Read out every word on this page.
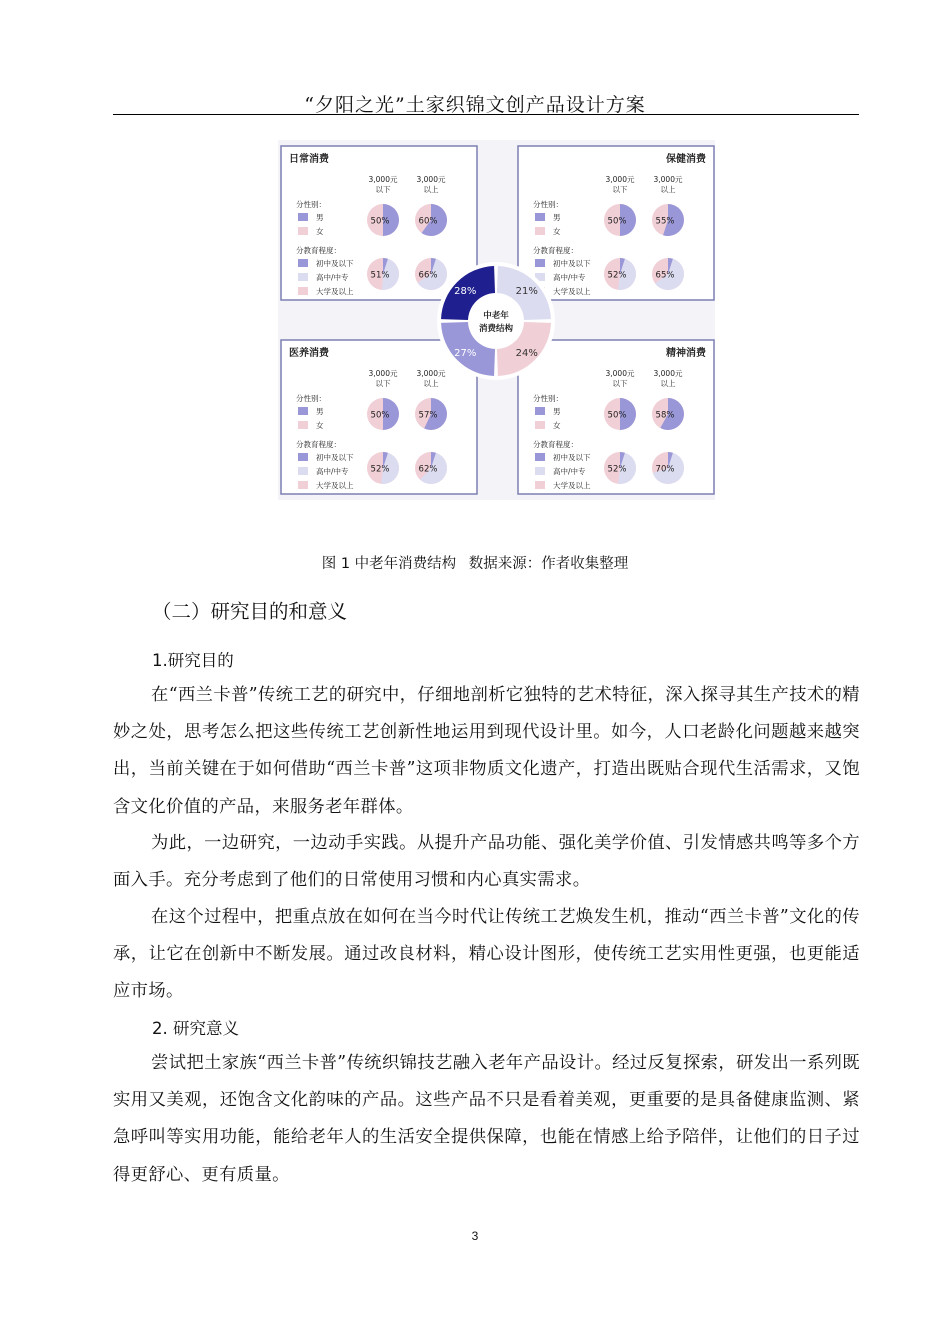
“夕阳之光”土家织锦文创产品设计方案
日常消费
3,000元
以下
3,000元
以上
分性别：
男
女
分教育程度：
初中及以下
高中/中专
大学及以上
50%	60%
51%	66%
保健消费
3,000元
以下
3,000元
以上
分性别：
男
女
分教育程度：
初中及以下
高中/中专
大学及以上
50%	55%
52%	65%
医养消费
3,000元
以下
3,000元
以上
分性别：
男
女
分教育程度：
初中及以下
高中/中专
大学及以上
50%	57%
52%	62%
精神消费
3,000元
以下
3,000元
以上
分性别：
男
女
分教育程度：
初中及以下
高中/中专
大学及以上
50%	58%
52%	70%
28%	21%
24%
27%
中老年
消费结构
图 1 中老年消费结构 数据来源：作者收集整理
（二）研究目的和意义
1.研究目的

在“西兰卡普”传统工艺的研究中，仔细地剖析它独特的艺术特征，深入探寻其生产技术的精妙之处，思考怎么把这些传统工艺创新性地运用到现代设计里。如今，人口老龄化问题越来越突出，当前关键在于如何借助“西兰卡普”这项非物质文化遗产，打造出既贴合现代生活需求，又饱含文化价值的产品，来服务老年群体。

为此，一边研究，一边动手实践。从提升产品功能、强化美学价值、引发情感共鸣等多个方面入手。充分考虑到了他们的日常使用习惯和内心真实需求。

在这个过程中，把重点放在如何在当今时代让传统工艺焕发生机，推动“西兰卡普”文化的传承，让它在创新中不断发展。通过改良材料，精心设计图形，使传统工艺实用性更强，也更能适应市场。

2. 研究意义

尝试把土家族“西兰卡普”传统织锦技艺融入老年产品设计。经过反复探索，研发出一系列既实用又美观，还饱含文化韵味的产品。这些产品不只是看着美观，更重要的是具备健康监测、紧急呼叫等实用功能，能给老年人的生活安全提供保障，也能在情感上给予陪伴，让他们的日子过得更舒心、更有质量。

3
